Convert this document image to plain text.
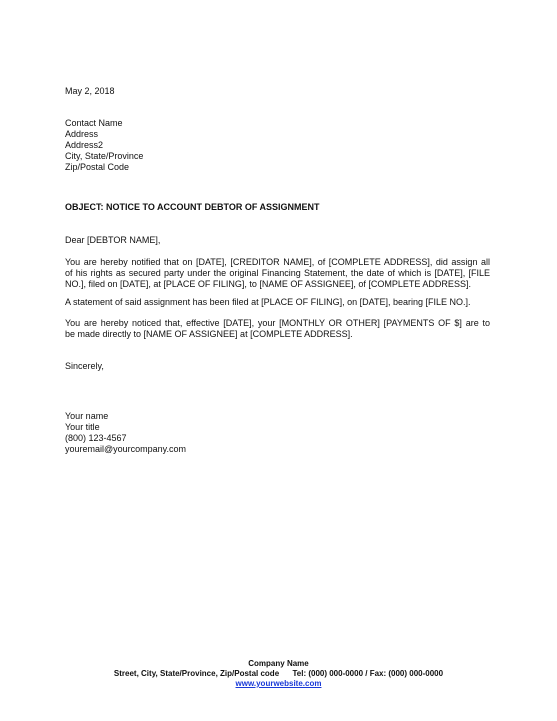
May 2, 2018
Contact Name
Address
Address2
City, State/Province
Zip/Postal Code
OBJECT: NOTICE TO ACCOUNT DEBTOR OF ASSIGNMENT
Dear [DEBTOR NAME],
You are hereby notified that on [DATE], [CREDITOR NAME], of [COMPLETE ADDRESS], did assign all
of his rights as secured party under the original Financing Statement, the date of which is [DATE], [FILE
NO.], filed on [DATE], at [PLACE OF FILING], to [NAME OF ASSIGNEE], of [COMPLETE ADDRESS].
A statement of said assignment has been filed at [PLACE OF FILING], on [DATE], bearing [FILE NO.].
You are hereby noticed that, effective [DATE], your [MONTHLY OR OTHER] [PAYMENTS OF $] are to
be made directly to [NAME OF ASSIGNEE] at [COMPLETE ADDRESS].
Sincerely,
Your name
Your title
(800) 123-4567
youremail@yourcompany.com
Company Name
Street, City, State/Province, Zip/Postal code      Tel: (000) 000-0000 / Fax: (000) 000-0000
www.yourwebsite.com
